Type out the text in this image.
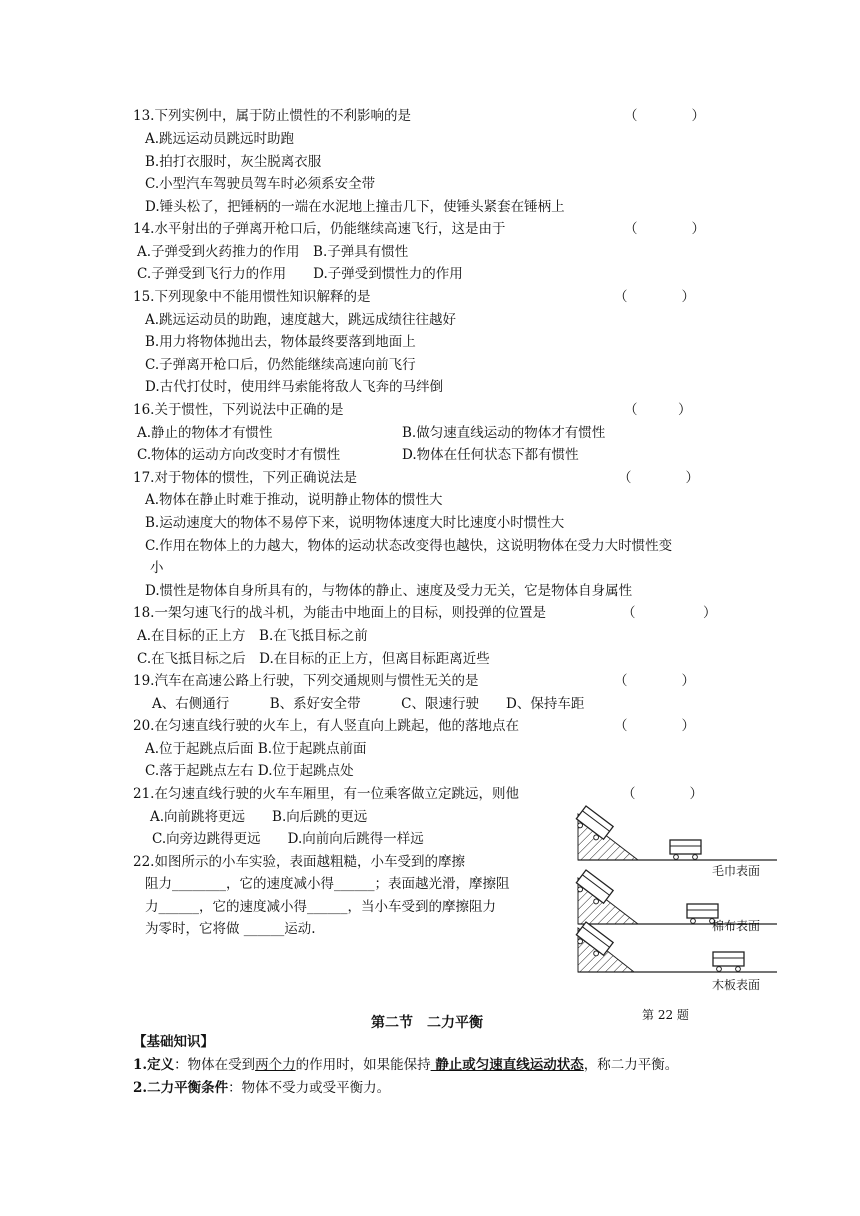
13.下列实例中，属于防止惯性的不利影响的是	（　　　　）
A.跳远运动员跳远时助跑
B.拍打衣服时，灰尘脱离衣服
C.小型汽车驾驶员驾车时必须系安全带
D.锤头松了，把锤柄的一端在水泥地上撞击几下，使锤头紧套在锤柄上
14.水平射出的子弹离开枪口后，仍能继续高速飞行，这是由于	（　　　　）
A.子弹受到火药推力的作用　B.子弹具有惯性
C.子弹受到飞行力的作用　　D.子弹受到惯性力的作用
15.下列现象中不能用惯性知识解释的是	（　　　　）
A.跳远运动员的助跑，速度越大，跳远成绩往往越好
B.用力将物体抛出去，物体最终要落到地面上
C.子弹离开枪口后，仍然能继续高速向前飞行
D.古代打仗时，使用绊马索能将敌人飞奔的马绊倒
16.关于惯性，下列说法中正确的是	（　　　）
A.静止的物体才有惯性	B.做匀速直线运动的物体才有惯性
C.物体的运动方向改变时才有惯性	D.物体在任何状态下都有惯性
17.对于物体的惯性，下列正确说法是	（　　　　）
A.物体在静止时难于推动，说明静止物体的惯性大
B.运动速度大的物体不易停下来，说明物体速度大时比速度小时惯性大
C.作用在物体上的力越大，物体的运动状态改变得也越快，这说明物体在受力大时惯性变
小
D.惯性是物体自身所具有的，与物体的静止、速度及受力无关，它是物体自身属性
18.一架匀速飞行的战斗机，为能击中地面上的目标，则投弹的位置是	（　　　　　）
A.在目标的正上方　B.在飞抵目标之前
C.在飞抵目标之后　D.在目标的正上方，但离目标距离近些
19.汽车在高速公路上行驶，下列交通规则与惯性无关的是	（　　　　）
A、右侧通行　　　B、系好安全带　　　C、限速行驶　　D、保持车距
20.在匀速直线行驶的火车上，有人竖直向上跳起，他的落地点在	（　　　　）
A.位于起跳点后面 B.位于起跳点前面
C.落于起跳点左右 D.位于起跳点处
21.在匀速直线行驶的火车车厢里，有一位乘客做立定跳远，则他	（　　　　）
A.向前跳将更远　　B.向后跳的更远
C.向旁边跳得更远　　D.向前向后跳得一样远
22.如图所示的小车实验，表面越粗糙，小车受到的摩擦
阻力________，它的速度减小得______；表面越光滑，摩擦阻
力______，它的速度减小得______，当小车受到的摩擦阻力
为零时，它将做 ______运动.
毛巾表面
棉布表面
木板表面
第 22 题
第二节　二力平衡
【基础知识】
1.定义：物体在受到两个力的作用时，如果能保持 静止或匀速直线运动状态，称二力平衡。
2.二力平衡条件：物体不受力或受平衡力。
